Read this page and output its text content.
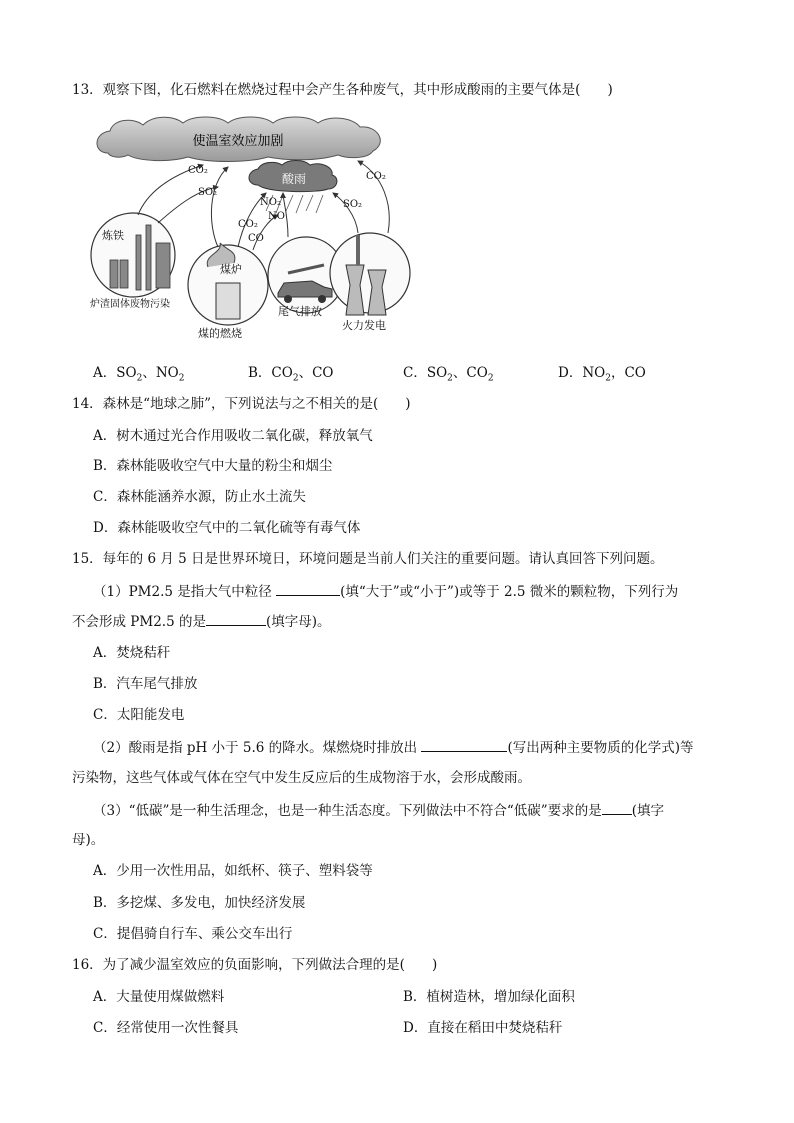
13．观察下图，化石燃料在燃烧过程中会产生各种废气，其中形成酸雨的主要气体是(　　)
使温室效应加剧
酸雨
CO₂
SO₂
CO₂
NO₂
NO
CO
SO₂
CO₂
炼铁
炉渣固体废物污染
煤炉
煤的燃烧
尾气排放
火力发电
A．$SO_2$、$NO_2$	B．$CO_2$、CO	C．$SO_2$、$CO_2$	D．$NO_2$，CO
14．森林是“地球之肺”，下列说法与之不相关的是(　　)
A．树木通过光合作用吸收二氧化碳，释放氧气
B．森林能吸收空气中大量的粉尘和烟尘
C．森林能涵养水源，防止水土流失
D．森林能吸收空气中的二氧化硫等有毒气体
15．每年的 6 月 5 日是世界环境日，环境问题是当前人们关注的重要问题。请认真回答下列问题。
（1）PM2.5 是指大气中粒径	(填“大于”或“小于”)或等于 2.5 微米的颗粒物，下列行为
不会形成 PM2.5 的是	(填字母)。
A．焚烧秸秆
B．汽车尾气排放
C．太阳能发电
（2）酸雨是指 pH 小于 5.6 的降水。煤燃烧时排放出	(写出两种主要物质的化学式)等
污染物，这些气体或气体在空气中发生反应后的生成物溶于水，会形成酸雨。
（3）“低碳”是一种生活理念，也是一种生活态度。下列做法中不符合“低碳”要求的是 (填字
母)。
A．少用一次性用品，如纸杯、筷子、塑料袋等
B．多挖煤、多发电，加快经济发展
C．提倡骑自行车、乘公交车出行
16．为了减少温室效应的负面影响，下列做法合理的是(　　)
A．大量使用煤做燃料	B．植树造林，增加绿化面积
C．经常使用一次性餐具	D．直接在稻田中焚烧秸秆
